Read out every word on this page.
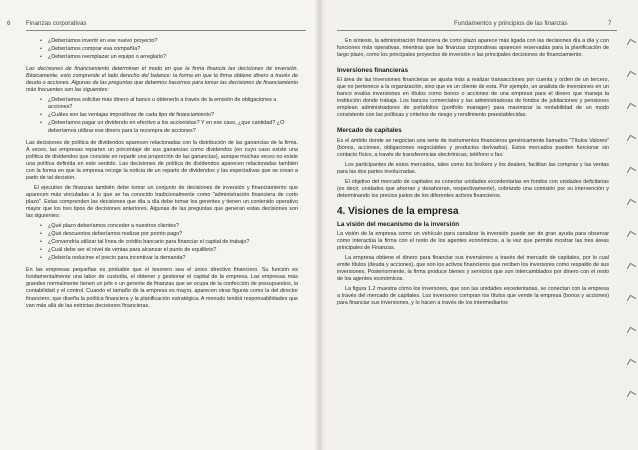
6	Finanzas corporativas	Fundamentos y principios de las finanzas	7
• ¿Deberíamos invertir en ese nuevo proyecto?
• ¿Deberíamos comprar esa compañía?
• ¿Deberíamos reemplazar un equipo o arreglarlo?

Las decisiones de financiamiento determinan el modo en que la firma financia las decisiones de inversión. Básicamente, esto comprende el lado derecho del balance: la forma en que la firma obtiene dinero a través de deuda o acciones. Algunas de las preguntas que debemos hacernos para tomar las decisiones de financiamiento más frecuentes son las siguientes:

• ¿Deberíamos solicitar más dinero al banco u obtenerlo a través de la emisión de obligaciones u acciones?
• ¿Cuáles son las ventajas impositivas de cada tipo de financiamiento?
• ¿Deberíamos pagar un dividendo en efectivo a los accionistas? Y en ese caso, ¿que cantidad? ¿O deberíamos utilizar ese dinero para la recompra de acciones?

Las decisiones de política de dividendos aparecen relacionadas con la distribución de las ganancias de la firma. A veces, las empresas reparten un porcentaje de sus ganancias como dividendos (en cuyo caso existe una política de dividendos que consiste en repartir una proporción de las ganancias), aunque muchas veces no existe una política definida en este sentido. Las decisiones de política de dividendos aparecen relacionadas también con la forma en que la empresa recoge la noticia de un reparto de dividendos y las expectativas que se crean a partir de tal decisión.

El ejecutivo de finanzas también debe tomar un conjunto de decisiones de inversión y financiamiento que aparecen más vinculadas a lo que se ha conocido tradicionalmente como "administración financiera de corto plazo". Estas comprenden las decisiones que día a día debe tomar los gerentes y tienen un contenido operativo mayor que los tres tipos de decisiones anteriores. Algunas de las preguntas que generan estas decisiones son las siguientes:

• ¿Qué plazo deberíamos conceder a nuestros clientes?
• ¿Qué descuentos deberíamos realizar por pronto pago?
• ¿Convendría utilizar tal línea de crédito bancario para financiar el capital de trabajo?
• ¿Cuál debe ser el nivel de ventas para alcanzar el punto de equilibrio?
• ¿Debería reducirse el precio para incentivar la demanda?

En las empresas pequeñas es probable que el tesorero sea el único directivo financiero. Su función es fundamentalmente una labor de custodia, el obtener y gestionar el capital de la empresa. Las empresas más grandes normalmente tienen un jefe o un gerente de finanzas que se ocupa de la confección de presupuestos, la contabilidad y el control. Cuando el tamaño de la empresa es mayor, aparecen otras figuras como la del director financiero, que diseña la política financiera y la planificación estratégica. A menudo tendrá responsabilidades que van más allá de las estrictas decisiones financieras.

En síntesis, la administración financiera de corto plazo aparece más ligada con las decisiones día a día y con funciones más operativas, mientras que las finanzas corporativas aparecen reservadas para la planificación de largo plazo, como los principales proyectos de inversión o las principales decisiones de financiamiento.

Inversiones financieras

El área de las inversiones financieras se ajusta más a realizar transacciones por cuenta y orden de un tercero, que no pertenece a la organización, sino que es un cliente de esta. Por ejemplo, un analista de inversiones en un banco evalúa inversiones en títulos como bonos o acciones de una empresa para el dinero que maneja la institución donde trabaja. Los bancos comerciales y las administradoras de fondos de jubilaciones y pensiones emplean administradores de portafolios (portfolio manager) para maximizar la rentabilidad de un modo consistente con las políticas y criterios de riesgo y rendimiento preestablecidas.

Mercado de capitales

Es el ámbito donde se negocian una serie de instrumentos financieros genéricamente llamados "Títulos Valores" (bonos, acciones, obligaciones negociables y productos derivados). Estos mercados pueden funcionar sin contacto físico, a través de transferencias electrónicas, teléfono o fax.

Los participantes de estos mercados, tales como los brokers y los dealers, facilitan las compras y las ventas para las dos partes involucradas.

El objetivo del mercado de capitales es conectar unidades excedentarias en fondos con unidades deficitarias (es decir, unidades que ahorran y desahorran, respectivamente), cobrando una comisión por su intervención y determinando los precios justos de los diferentes activos financieros.

4. Visiones de la empresa
La visión del mecanismo de la inversión

La visión de la empresa como un vehículo para canalizar la inversión puede ser de gran ayuda para observar cómo interactúa la firma con el resto de los agentes económicos, a la vez que permite mostrar las tres áreas principales de Finanzas.

La empresa obtiene el dinero para financiar sus inversiones a través del mercado de capitales, por lo cual emite títulos (deuda y acciones), que son los activos financieros que reciben los inversores como respaldo de sus inversiones. Posteriormente, la firma produce bienes y servicios que son intercambiados por dinero con el resto de los agentes económicos.

La figura 1.2 muestra cómo los inversores, que son las unidades excedentarias, se conectan con la empresa a través del mercado de capitales. Los inversores compran los títulos que vende la empresa (bonos y acciones) para financiar sus inversiones, y lo hacen a través de los intermediarios
